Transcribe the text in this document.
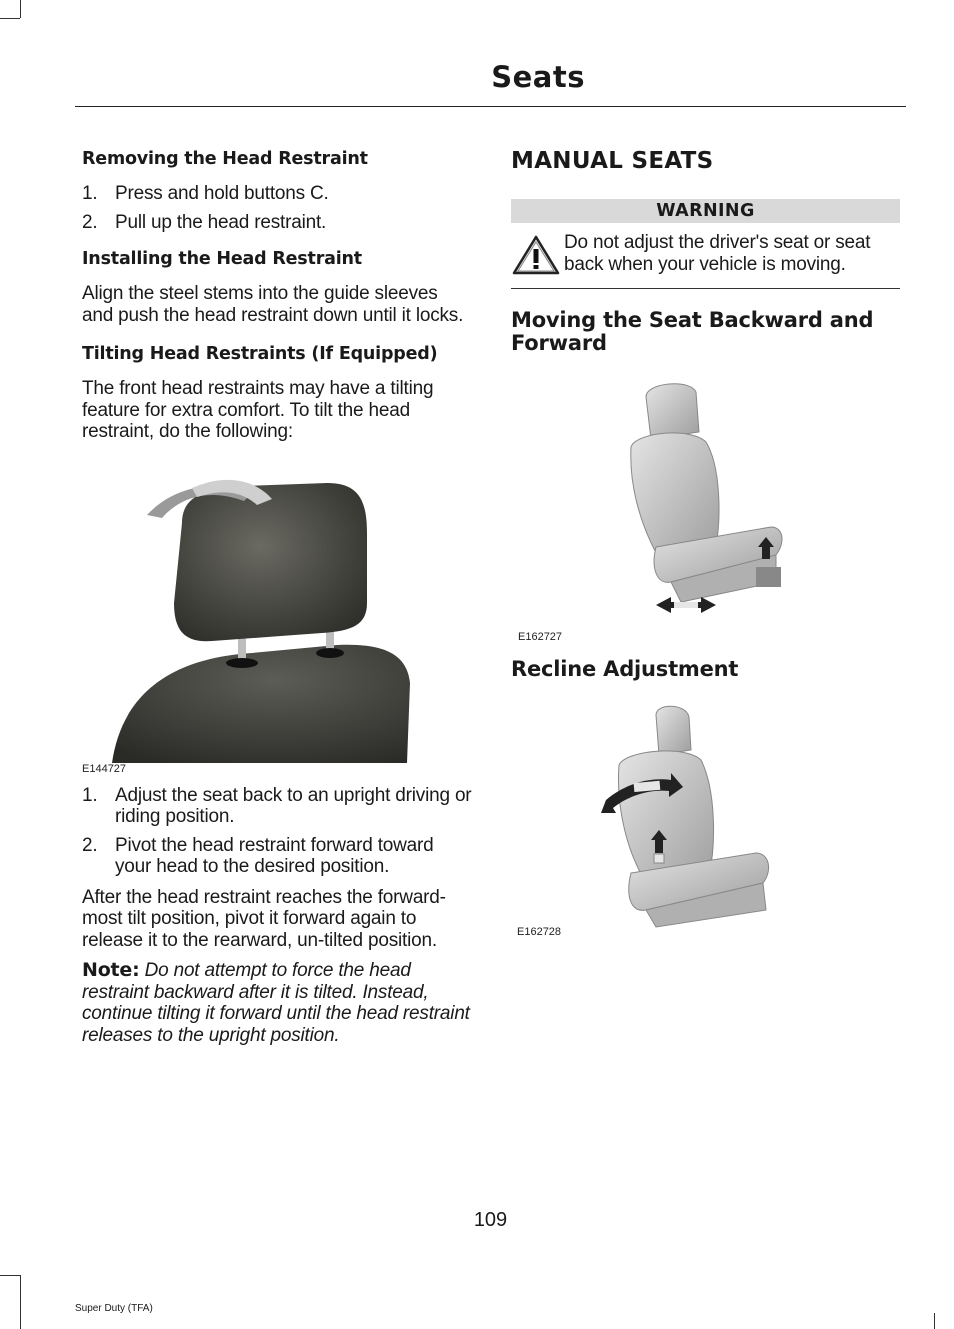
Seats
Removing the Head Restraint
1. Press and hold buttons C.
2. Pull up the head restraint.
Installing the Head Restraint

Align the steel stems into the guide sleeves and push the head restraint down until it locks.

Tilting Head Restraints (If Equipped)

The front head restraints may have a tilting feature for extra comfort. To tilt the head restraint, do the following:

E144727
1. Adjust the seat back to an upright driving or riding position.
2. Pivot the head restraint forward toward your head to the desired position.

After the head restraint reaches the forward-most tilt position, pivot it forward again to release it to the rearward, un-tilted position.

Note: Do not attempt to force the head restraint backward after it is tilted. Instead, continue tilting it forward until the head restraint releases to the upright position.

MANUAL SEATS
WARNING

Do not adjust the driver's seat or seat back when your vehicle is moving.

Moving the Seat Backward and Forward
E162727
Recline Adjustment
E162728
109
Super Duty (TFA)
